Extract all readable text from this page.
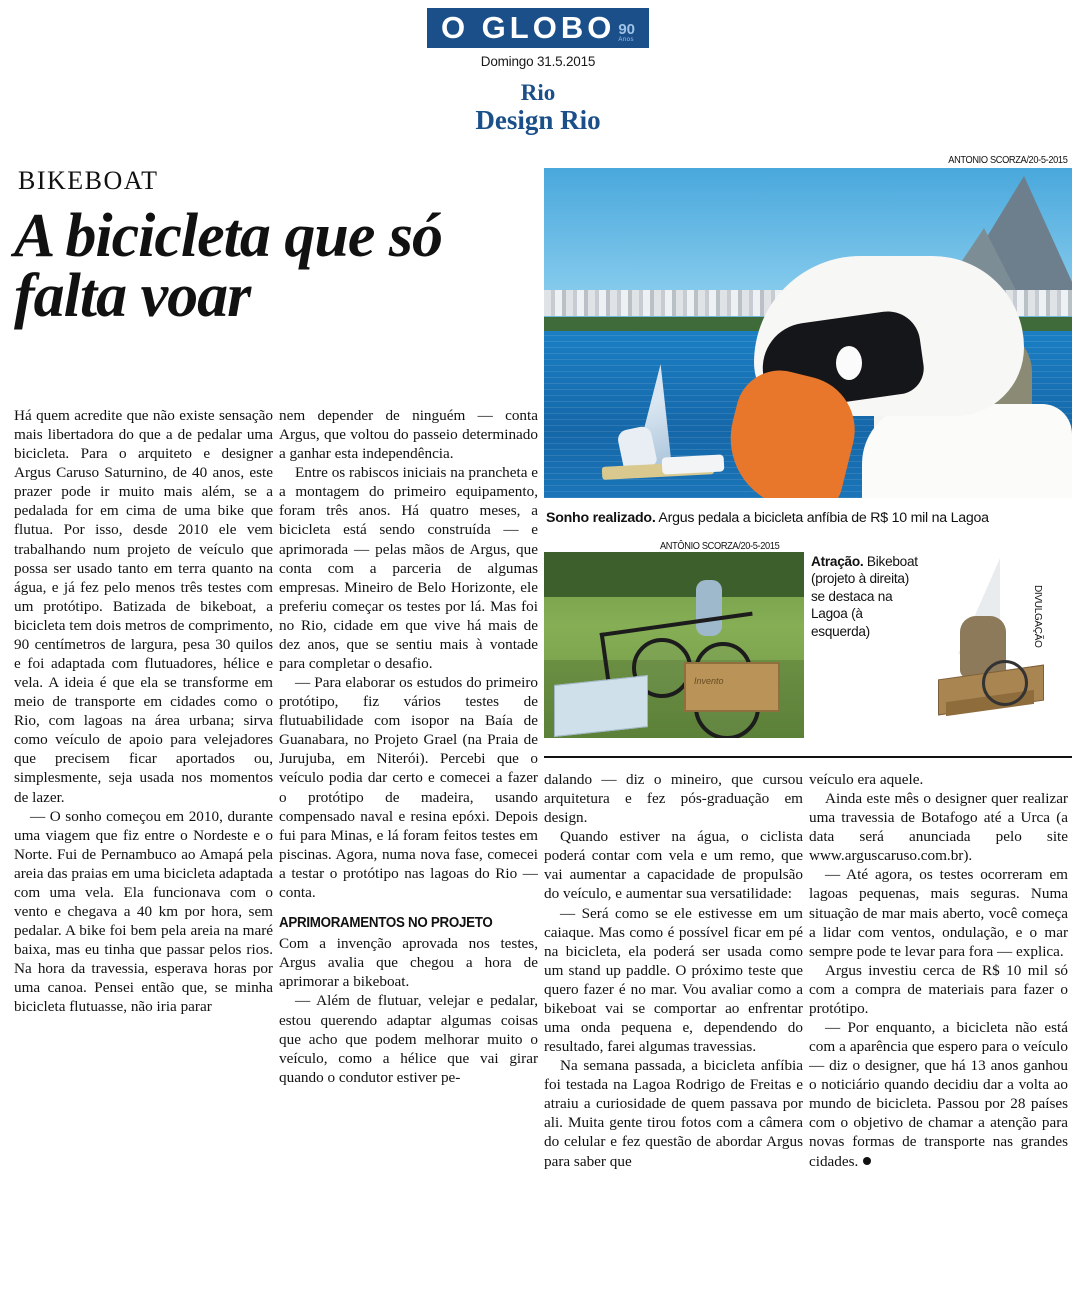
O GLOBO 90
Anos
Domingo 31.5.2015
Rio
Design Rio
BIKEBOAT
A bicicleta que só falta voar
ANTONIO SCORZA/20-5-2015
Sonho realizado. Argus pedala a bicicleta anfíbia de R$ 10 mil na Lagoa
ANTÔNIO SCORZA/20-5-2015
Invento
Atração. Bikeboat (projeto à direita) se destaca na Lagoa (à esquerda)	DIVULGAÇÃO

Há quem acredite que não existe sensação mais libertadora do que a de pedalar uma bicicleta. Para o arquiteto e designer Argus Caruso Saturnino, de 40 anos, este prazer pode ir muito mais além, se a pedalada for em cima de uma bike que flutua. Por isso, desde 2010 ele vem trabalhando num projeto de veículo que possa ser usado tanto em terra quanto na água, e já fez pelo menos três testes com um protótipo. Batizada de bikeboat, a bicicleta tem dois metros de comprimento, 90 centímetros de largura, pesa 30 quilos e foi adaptada com flutuadores, hélice e vela. A ideia é que ela se transforme em meio de transporte em cidades como o Rio, com lagoas na área urbana; sirva como veículo de apoio para velejadores que precisem ficar aportados ou, simplesmente, seja usada nos momentos de lazer.

— O sonho começou em 2010, durante uma viagem que fiz entre o Nordeste e o Norte. Fui de Pernambuco ao Amapá pela areia das praias em uma bicicleta adaptada com uma vela. Ela funcionava com o vento e chegava a 40 km por hora, sem pedalar. A bike foi bem pela areia na maré baixa, mas eu tinha que passar pelos rios. Na hora da travessia, esperava horas por uma canoa. Pensei então que, se minha bicicleta flutuasse, não iria parar

nem depender de ninguém — conta Argus, que voltou do passeio determinado a ganhar esta independência.

Entre os rabiscos iniciais na prancheta e a montagem do primeiro equipamento, foram três anos. Há quatro meses, a bicicleta está sendo construída — e aprimorada — pelas mãos de Argus, que conta com a parceria de algumas empresas. Mineiro de Belo Horizonte, ele preferiu começar os testes por lá. Mas foi no Rio, cidade em que vive há mais de dez anos, que se sentiu mais à vontade para completar o desafio.

— Para elaborar os estudos do primeiro protótipo, fiz vários testes de flutuabilidade com isopor na Baía de Guanabara, no Projeto Grael (na Praia de Jurujuba, em Niterói). Percebi que o veículo podia dar certo e comecei a fazer o protótipo de madeira, usando compensado naval e resina epóxi. Depois fui para Minas, e lá foram feitos testes em piscinas. Agora, numa nova fase, comecei a testar o protótipo nas lagoas do Rio — conta.

APRIMORAMENTOS NO PROJETO

Com a invenção aprovada nos testes, Argus avalia que chegou a hora de aprimorar a bikeboat.

— Além de flutuar, velejar e pedalar, estou querendo adaptar algumas coisas que acho que podem melhorar muito o veículo, como a hélice que vai girar quando o condutor estiver pe-

dalando — diz o mineiro, que cursou arquitetura e fez pós-graduação em design.

Quando estiver na água, o ciclista poderá contar com vela e um remo, que vai aumentar a capacidade de propulsão do veículo, e aumentar sua versatilidade:

— Será como se ele estivesse em um caiaque. Mas como é possível ficar em pé na bicicleta, ela poderá ser usada como um stand up paddle. O próximo teste que quero fazer é no mar. Vou avaliar como a bikeboat vai se comportar ao enfrentar uma onda pequena e, dependendo do resultado, farei algumas travessias.

Na semana passada, a bicicleta anfíbia foi testada na Lagoa Rodrigo de Freitas e atraiu a curiosidade de quem passava por ali. Muita gente tirou fotos com a câmera do celular e fez questão de abordar Argus para saber que

veículo era aquele.

Ainda este mês o designer quer realizar uma travessia de Botafogo até a Urca (a data será anunciada pelo site www.arguscaruso.com.br).

— Até agora, os testes ocorreram em lagoas pequenas, mais seguras. Numa situação de mar mais aberto, você começa a lidar com ventos, ondulação, e o mar sempre pode te levar para fora — explica.

Argus investiu cerca de R$ 10 mil só com a compra de materiais para fazer o protótipo.

— Por enquanto, a bicicleta não está com a aparência que espero para o veículo — diz o designer, que há 13 anos ganhou o noticiário quando decidiu dar a volta ao mundo de bicicleta. Passou por 28 países com o objetivo de chamar a atenção para novas formas de transporte nas grandes cidades.
